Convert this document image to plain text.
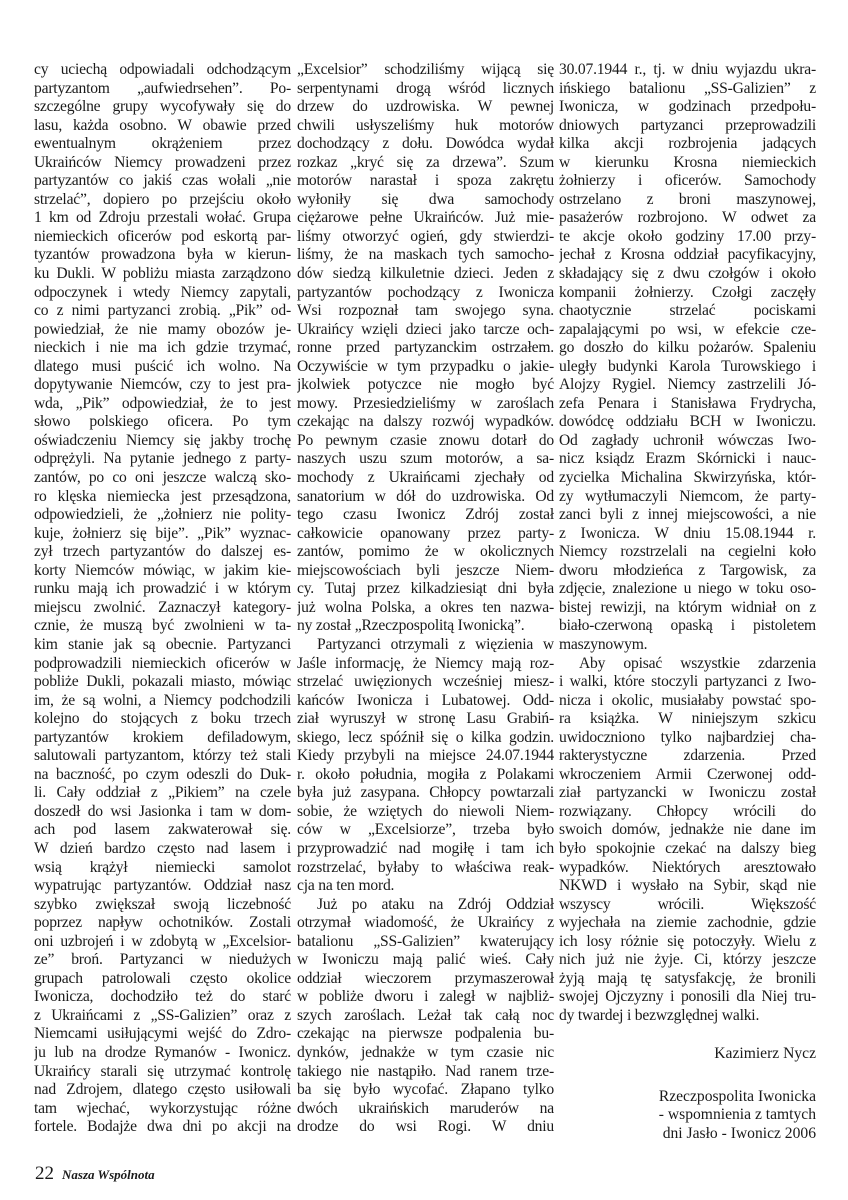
cy uciechą odpowiadali odchodzącym
partyzantom „aufwiedrsehen”. Po-
szczególne grupy wycofywały się do
lasu, każda osobno. W obawie przed
ewentualnym okrążeniem przez
Ukraińców Niemcy prowadzeni przez
partyzantów co jakiś czas wołali „nie
strzelać”, dopiero po przejściu około
1 km od Zdroju przestali wołać. Grupa
niemieckich oficerów pod eskortą par-
tyzantów prowadzona była w kierun-
ku Dukli. W pobliżu miasta zarządzono
odpoczynek i wtedy Niemcy zapytali,
co z nimi partyzanci zrobią. „Pik” od-
powiedział, że nie mamy obozów je-
nieckich i nie ma ich gdzie trzymać,
dlatego musi puścić ich wolno. Na
dopytywanie Niemców, czy to jest pra-
wda, „Pik” odpowiedział, że to jest
słowo polskiego oficera. Po tym
oświadczeniu Niemcy się jakby trochę
odprężyli. Na pytanie jednego z party-
zantów, po co oni jeszcze walczą sko-
ro klęska niemiecka jest przesądzona,
odpowiedzieli, że „żołnierz nie polity-
kuje, żołnierz się bije”. „Pik” wyznac-
zył trzech partyzantów do dalszej es-
korty Niemców mówiąc, w jakim kie-
runku mają ich prowadzić i w którym
miejscu zwolnić. Zaznaczył kategory-
cznie, że muszą być zwolnieni w ta-
kim stanie jak są obecnie. Partyzanci
podprowadzili niemieckich oficerów w
pobliże Dukli, pokazali miasto, mówiąc
im, że są wolni, a Niemcy podchodzili
kolejno do stojących z boku trzech
partyzantów krokiem defiladowym,
salutowali partyzantom, którzy też stali
na baczność, po czym odeszli do Duk-
li. Cały oddział z „Pikiem” na czele
doszedł do wsi Jasionka i tam w dom-
ach pod lasem zakwaterował się.
W dzień bardzo często nad lasem i
wsią krążył niemiecki samolot
wypatrując partyzantów. Oddział nasz
szybko zwiększał swoją liczebność
poprzez napływ ochotników. Zostali
oni uzbrojeń i w zdobytą w „Excelsior-
ze” broń. Partyzanci w niedużych
grupach patrolowali często okolice
Iwonicza, dochodziło też do starć
z Ukraińcami z „SS-Galizien” oraz z
Niemcami usiłującymi wejść do Zdro-
ju lub na drodze Rymanów - Iwonicz.
Ukraińcy starali się utrzymać kontrolę
nad Zdrojem, dlatego często usiłowali
tam wjechać, wykorzystując różne
fortele. Bodajże dwa dni po akcji na
„Excelsior” schodziliśmy wijącą się
serpentynami drogą wśród licznych
drzew do uzdrowiska. W pewnej
chwili usłyszeliśmy huk motorów
dochodzący z dołu. Dowódca wydał
rozkaz „kryć się za drzewa”. Szum
motorów narastał i spoza zakrętu
wyłoniły się dwa samochody
ciężarowe pełne Ukraińców. Już mie-
liśmy otworzyć ogień, gdy stwierdzi-
liśmy, że na maskach tych samocho-
dów siedzą kilkuletnie dzieci. Jeden z
partyzantów pochodzący z Iwonicza
Wsi rozpoznał tam swojego syna.
Ukraińcy wzięli dzieci jako tarcze och-
ronne przed partyzanckim ostrzałem.
Oczywiście w tym przypadku o jakie-
jkolwiek potyczce nie mogło być
mowy. Przesiedzieliśmy w zaroślach
czekając na dalszy rozwój wypadków.
Po pewnym czasie znowu dotarł do
naszych uszu szum motorów, a sa-
mochody z Ukraińcami zjechały od
sanatorium w dół do uzdrowiska. Od
tego czasu Iwonicz Zdrój został
całkowicie opanowany przez party-
zantów, pomimo że w okolicznych
miejscowościach byli jeszcze Niem-
cy. Tutaj przez kilkadziesiąt dni była
już wolna Polska, a okres ten nazwa-
ny został „Rzeczpospolitą Iwonicką”.
Partyzanci otrzymali z więzienia w
Jaśle informację, że Niemcy mają roz-
strzelać uwięzionych wcześniej miesz-
kańców Iwonicza i Lubatowej. Odd-
ział wyruszył w stronę Lasu Grabiń-
skiego, lecz spóźnił się o kilka godzin.
Kiedy przybyli na miejsce 24.07.1944
r. około południa, mogiła z Polakami
była już zasypana. Chłopcy powtarzali
sobie, że wziętych do niewoli Niem-
ców w „Excelsiorze”, trzeba było
przyprowadzić nad mogiłę i tam ich
rozstrzelać, byłaby to właściwa reak-
cja na ten mord.
Już po ataku na Zdrój Oddział
otrzymał wiadomość, że Ukraińcy z
batalionu „SS-Galizien” kwaterujący
w Iwoniczu mają palić wieś. Cały
oddział wieczorem przymaszerował
w pobliże dworu i zaległ w najbliż-
szych zaroślach. Leżał tak całą noc
czekając na pierwsze podpalenia bu-
dynków, jednakże w tym czasie nic
takiego nie nastąpiło. Nad ranem trze-
ba się było wycofać. Złapano tylko
dwóch ukraińskich maruderów na
drodze do wsi Rogi. W dniu
30.07.1944 r., tj. w dniu wyjazdu ukra-
ińskiego batalionu „SS-Galizien” z
Iwonicza, w godzinach przedpołu-
dniowych partyzanci przeprowadzili
kilka akcji rozbrojenia jadących
w kierunku Krosna niemieckich
żołnierzy i oficerów. Samochody
ostrzelano z broni maszynowej,
pasażerów rozbrojono. W odwet za
te akcje około godziny 17.00 przy-
jechał z Krosna oddział pacyfikacyjny,
składający się z dwu czołgów i około
kompanii żołnierzy. Czołgi zaczęły
chaotycznie strzelać pociskami
zapalającymi po wsi, w efekcie cze-
go doszło do kilku pożarów. Spaleniu
uległy budynki Karola Turowskiego i
Alojzy Rygiel. Niemcy zastrzelili Jó-
zefa Penara i Stanisława Frydrycha,
dowódcę oddziału BCH w Iwoniczu.
Od zagłady uchronił wówczas Iwo-
nicz ksiądz Erazm Skórnicki i nauc-
zycielka Michalina Skwirzyńska, któr-
zy wytłumaczyli Niemcom, że party-
zanci byli z innej miejscowości, a nie
z Iwonicza. W dniu 15.08.1944 r.
Niemcy rozstrzelali na cegielni koło
dworu młodzieńca z Targowisk, za
zdjęcie, znalezione u niego w toku oso-
bistej rewizji, na którym widniał on z
biało-czerwoną opaską i pistoletem
maszynowym.
Aby opisać wszystkie zdarzenia
i walki, które stoczyli partyzanci z Iwo-
nicza i okolic, musiałaby powstać spo-
ra książka. W niniejszym szkicu
uwidoczniono tylko najbardziej cha-
rakterystyczne zdarzenia. Przed
wkroczeniem Armii Czerwonej odd-
ział partyzancki w Iwoniczu został
rozwiązany. Chłopcy wrócili do
swoich domów, jednakże nie dane im
było spokojnie czekać na dalszy bieg
wypadków. Niektórych aresztowało
NKWD i wysłało na Sybir, skąd nie
wszyscy wrócili. Większość
wyjechała na ziemie zachodnie, gdzie
ich losy różnie się potoczyły. Wielu z
nich już nie żyje. Ci, którzy jeszcze
żyją mają tę satysfakcję, że bronili
swojej Ojczyzny i ponosili dla Niej tru-
dy twardej i bezwzględnej walki.
Kazimierz Nycz
Rzeczpospolita Iwonicka
- wspomnienia z tamtych
dni Jasło - Iwonicz 2006
22 Nasza Wspólnota
